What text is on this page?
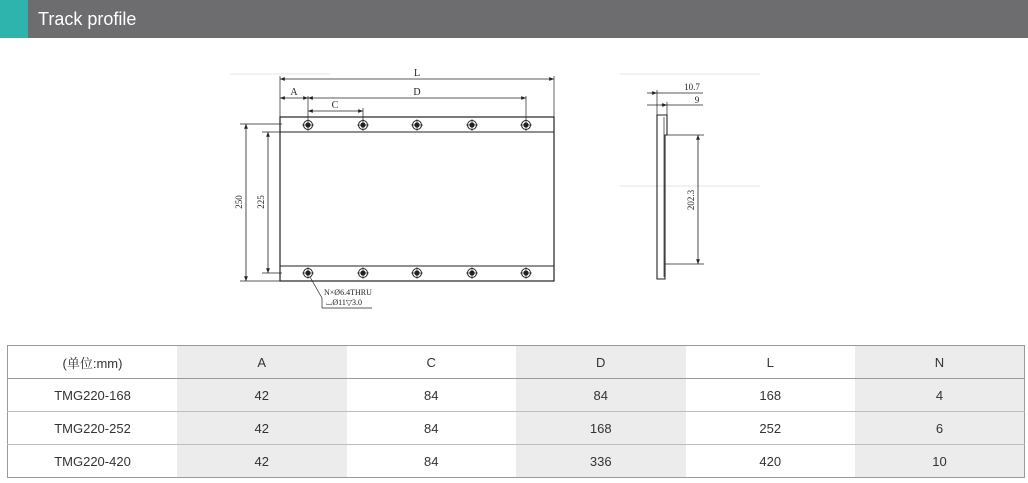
Track profile
L
A	D
C
250 225
N×Ø6.4THRU
⌴Ø11▽3.0
10.7
9
202.3
(单位:mm)	A	C	D	L	N
TMG220-168	42	84	84	168	4
TMG220-252	42	84	168	252	6
TMG220-420	42	84	336	420	10
